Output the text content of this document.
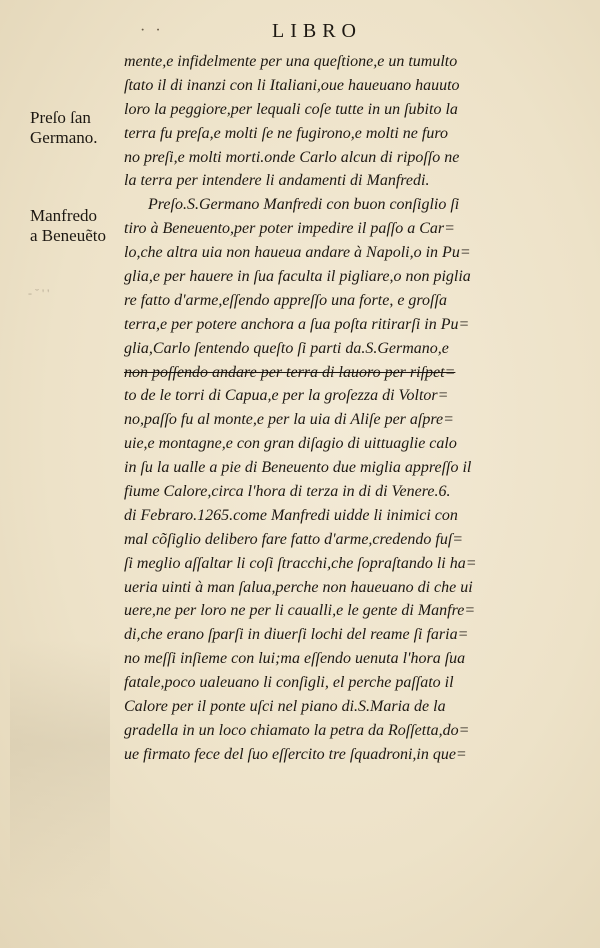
· ·	LIBRO
Preſo ſan
Germano.
Manfredo
a Beneuẽto
- ˘ ' '
mente,e infidelmente per una queſtione,e un tumulto
ſtato il di inanzi con li Italiani,oue haueuano hauuto
loro la peggiore,per lequali coſe tutte in un ſubito la
terra fu preſa,e molti ſe ne fugirono,e molti ne furo
no preſi,e molti morti.onde Carlo alcun di ripoſſo ne
la terra per intendere li andamenti di Manfredi.
Preſo.S.Germano Manfredi con buon conſiglio ſi
tiro à Beneuento,per poter impedire il paſſo a Car=
lo,che altra uia non haueua andare à Napoli,o in Pu=
glia,e per hauere in ſua faculta il pigliare,o non piglia
re fatto d'arme,eſſendo appreſſo una forte, e groſſa
terra,e per potere anchora a ſua poſta ritirarſi in Pu=
glia,Carlo ſentendo queſto ſi parti da.S.Germano,e
non poſſendo andare per terra di lauoro per riſpet=
to de le torri di Capua,e per la groſezza di Voltor=
no,paſſo fu al monte,e per la uia di Aliſe per aſpre=
uie,e montagne,e con gran diſagio di uittuaglie calo
in ſu la ualle a pie di Beneuento due miglia appreſſo il
fiume Calore,circa l'hora di terza in di di Venere.6.
di Febraro.1265.come Manfredi uidde li inimici con
mal cõſiglio delibero fare fatto d'arme,credendo fuſ=
ſi meglio aſſaltar li coſi ſtracchi,che ſopraſtando li ha=
ueria uinti à man ſalua,perche non haueuano di che ui
uere,ne per loro ne per li caualli,e le gente di Manfre=
di,che erano ſparſi in diuerſi lochi del reame ſi faria=
no meſſi inſieme con lui;ma eſſendo uenuta l'hora ſua
fatale,poco ualeuano li conſigli, el perche paſſato il
Calore per il ponte uſci nel piano di.S.Maria de la
gradella in un loco chiamato la petra da Roſſetta,do=
ue firmato fece del ſuo eſſercito tre ſquadroni,in que=
